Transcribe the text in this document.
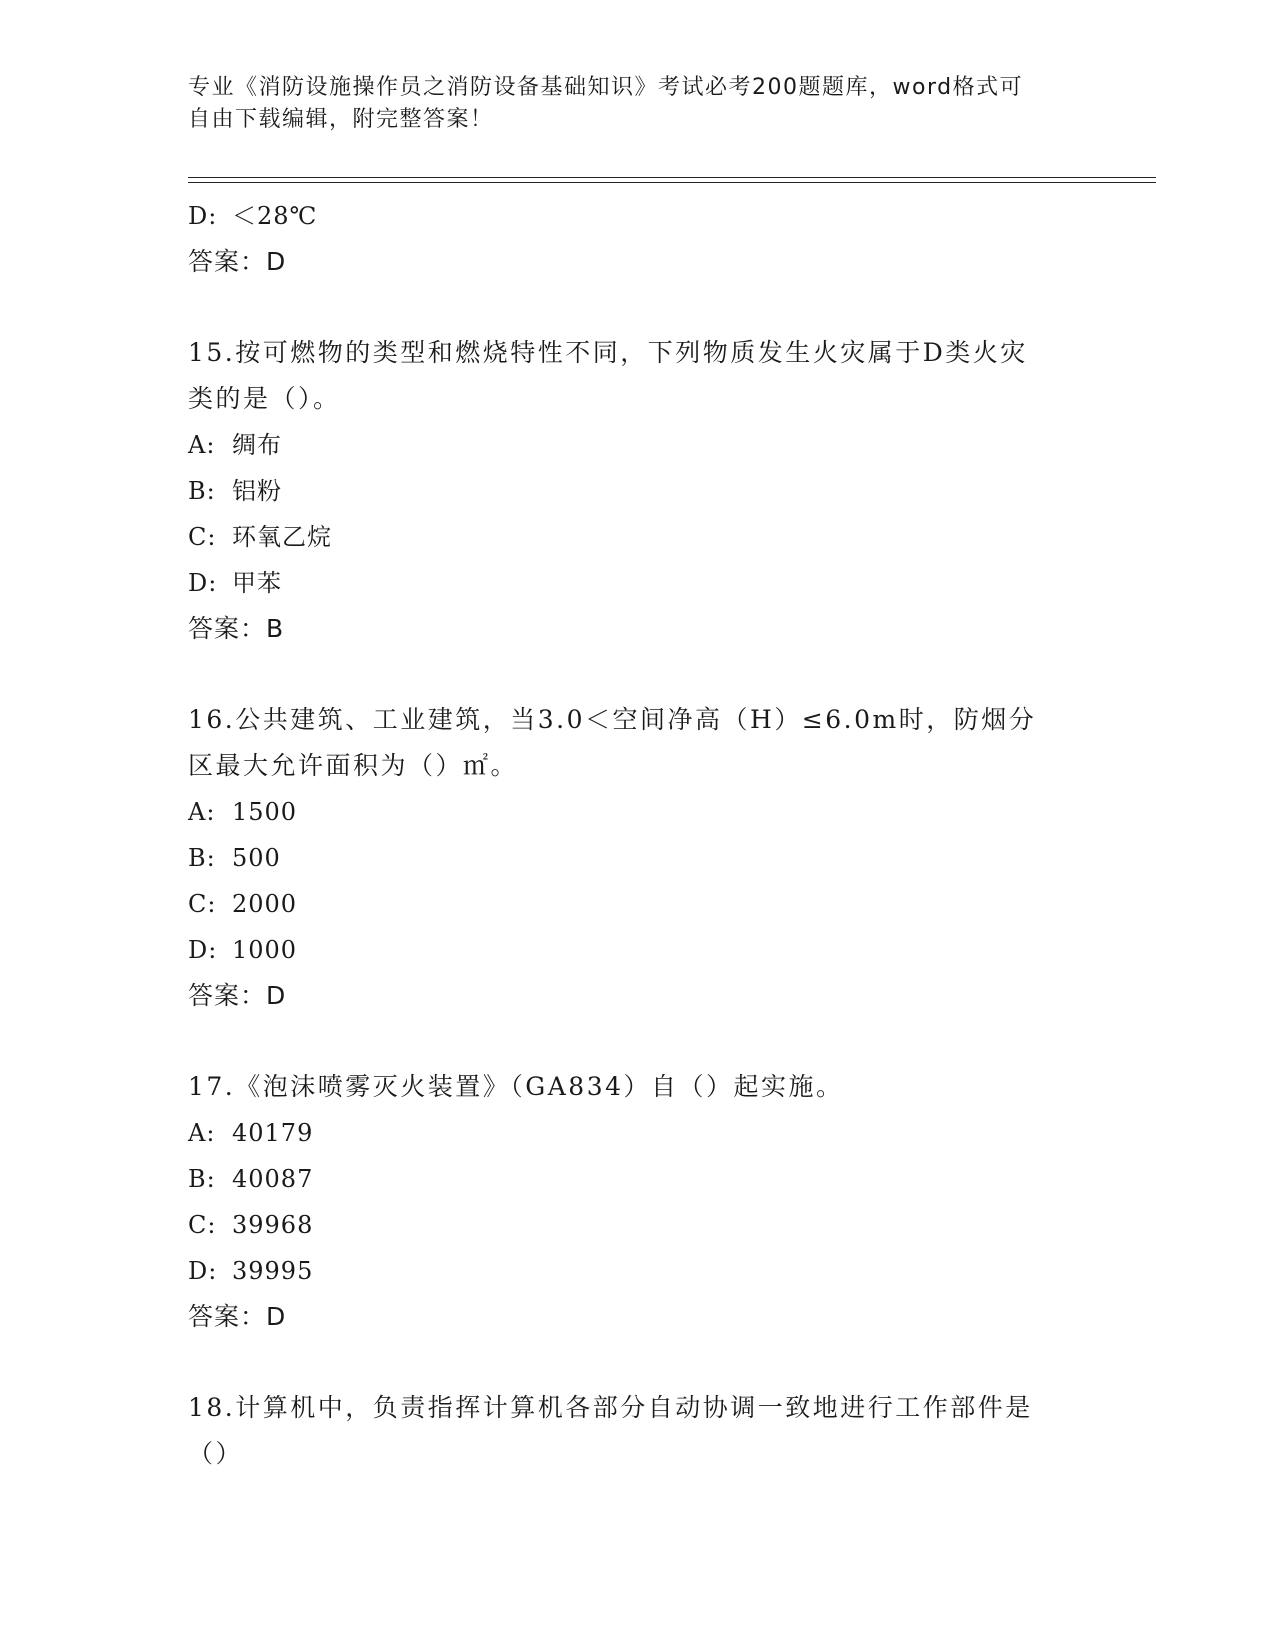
专业《消防设施操作员之消防设备基础知识》考试必考200题题库，word格式可
自由下载编辑，附完整答案！
D: ＜28℃
答案：D
15.按可燃物的类型和燃烧特性不同，下列物质发生火灾属于D类火灾
类的是（）。
A: 绸布
B: 铝粉
C: 环氧乙烷
D: 甲苯
答案：B
16.公共建筑、工业建筑，当3.0＜空间净高（H）≤6.0m时，防烟分
区最大允许面积为（）㎡。
A: 1500
B: 500
C: 2000
D: 1000
答案：D
17.《泡沫喷雾灭火装置》（GA834）自（）起实施。
A: 40179
B: 40087
C: 39968
D: 39995
答案：D
18.计算机中，负责指挥计算机各部分自动协调一致地进行工作部件是
（）
